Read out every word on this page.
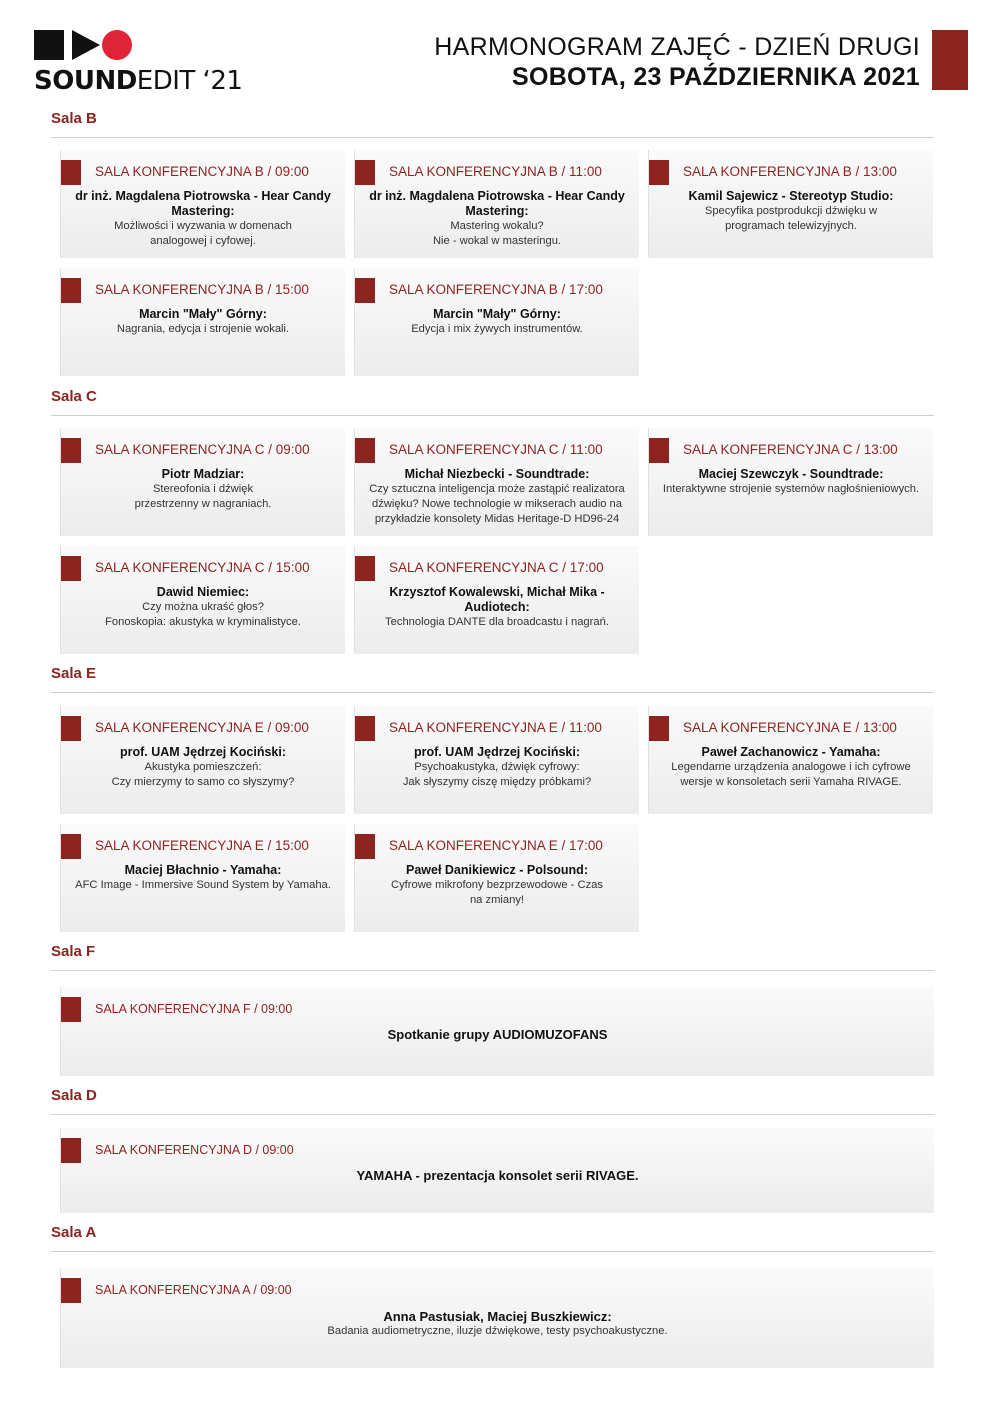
SOUNDEDIT ‘21
HARMONOGRAM ZAJĘĆ - DZIEŃ DRUGI
SOBOTA, 23 PAŹDZIERNIKA 2021
Sala B
SALA KONFERENCYJNA B / 09:00
dr inż. Magdalena Piotrowska - Hear Candy Mastering:
Możliwości i wyzwania w domenach
analogowej i cyfowej.
SALA KONFERENCYJNA B / 11:00
dr inż. Magdalena Piotrowska - Hear Candy Mastering:
Mastering wokalu?
Nie - wokal w masteringu.
SALA KONFERENCYJNA B / 13:00
Kamil Sajewicz - Stereotyp Studio:
Specyfika postprodukcji dźwięku w
programach telewizyjnych.
SALA KONFERENCYJNA B / 15:00
Marcin "Mały" Górny:
Nagrania, edycja i strojenie wokali.
SALA KONFERENCYJNA B / 17:00
Marcin "Mały" Górny:
Edycja i mix żywych instrumentów.
Sala C
SALA KONFERENCYJNA C / 09:00
Piotr Madziar:
Stereofonia i dźwięk
przestrzenny w nagraniach.
SALA KONFERENCYJNA C / 11:00
Michał Niezbecki - Soundtrade:
Czy sztuczna inteligencja może zastąpić realizatora
dźwięku? Nowe technologie w mikserach audio na
przykładzie konsolety Midas Heritage-D HD96-24
SALA KONFERENCYJNA C / 13:00
Maciej Szewczyk - Soundtrade:
Interaktywne strojenie systemów nagłośnieniowych.
SALA KONFERENCYJNA C / 15:00
Dawid Niemiec:
Czy można ukraść głos?
Fonoskopia: akustyka w kryminalistyce.
SALA KONFERENCYJNA C / 17:00
Krzysztof Kowalewski, Michał Mika - Audiotech:
Technologia DANTE dla broadcastu i nagrań.
Sala E
SALA KONFERENCYJNA E / 09:00
prof. UAM Jędrzej Kociński:
Akustyka pomieszczeń:
Czy mierzymy to samo co słyszymy?
SALA KONFERENCYJNA E / 11:00
prof. UAM Jędrzej Kociński:
Psychoakustyka, dźwięk cyfrowy:
Jak słyszymy ciszę między próbkami?
SALA KONFERENCYJNA E / 13:00
Paweł Zachanowicz - Yamaha:
Legendarne urządzenia analogowe i ich cyfrowe
wersje w konsoletach serii Yamaha RIVAGE.
SALA KONFERENCYJNA E / 15:00
Maciej Błachnio - Yamaha:
AFC Image - Immersive Sound System by Yamaha.
SALA KONFERENCYJNA E / 17:00
Paweł Danikiewicz - Polsound:
Cyfrowe mikrofony bezprzewodowe - Czas
na zmiany!
Sala F
SALA KONFERENCYJNA F / 09:00
Spotkanie grupy AUDIOMUZOFANS
Sala D
SALA KONFERENCYJNA D / 09:00
YAMAHA - prezentacja konsolet serii RIVAGE.
Sala A
SALA KONFERENCYJNA A / 09:00
Anna Pastusiak, Maciej Buszkiewicz:
Badania audiometryczne, iluzje dźwiękowe, testy psychoakustyczne.
